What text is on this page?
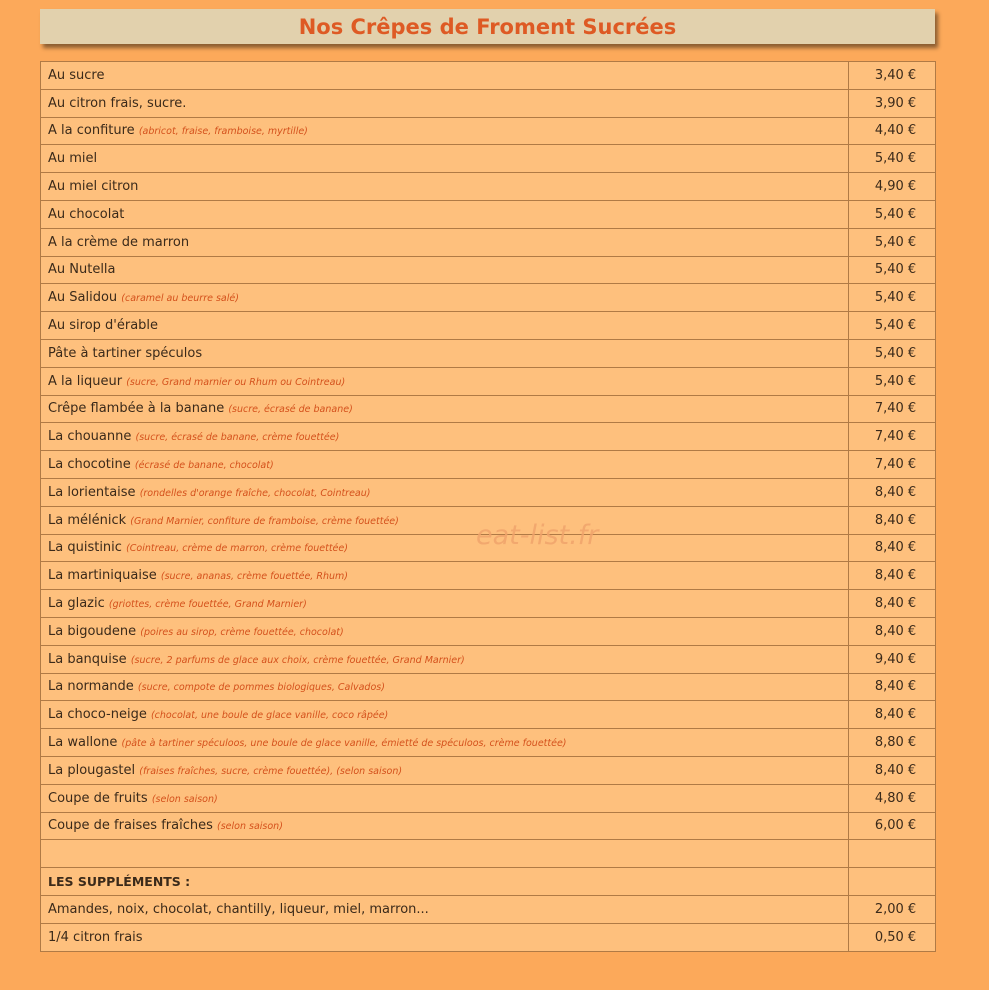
Nos Crêpes de Froment Sucrées
Au sucre	3,40 €
Au citron frais, sucre.	3,90 €
A la confiture (abricot, fraise, framboise, myrtille)	4,40 €
Au miel	5,40 €
Au miel citron	4,90 €
Au chocolat	5,40 €
A la crème de marron	5,40 €
Au Nutella	5,40 €
Au Salidou (caramel au beurre salé)	5,40 €
Au sirop d'érable	5,40 €
Pâte à tartiner spéculos	5,40 €
A la liqueur (sucre, Grand marnier ou Rhum ou Cointreau)	5,40 €
Crêpe flambée à la banane (sucre, écrasé de banane)	7,40 €
La chouanne (sucre, écrasé de banane, crème fouettée)	7,40 €
La chocotine (écrasé de banane, chocolat)	7,40 €
La lorientaise (rondelles d'orange fraîche, chocolat, Cointreau)	8,40 €
La mélénick (Grand Marnier, confiture de framboise, crème fouettée)	8,40 €
La quistinic (Cointreau, crème de marron, crème fouettée)	8,40 €
La martiniquaise (sucre, ananas, crème fouettée, Rhum)	8,40 €
La glazic (griottes, crème fouettée, Grand Marnier)	8,40 €
La bigoudene (poires au sirop, crème fouettée, chocolat)	8,40 €
La banquise (sucre, 2 parfums de glace aux choix, crème fouettée, Grand Marnier)	9,40 €
La normande (sucre, compote de pommes biologiques, Calvados)	8,40 €
La choco-neige (chocolat, une boule de glace vanille, coco râpée)	8,40 €
La wallone (pâte à tartiner spéculoos, une boule de glace vanille, émietté de spéculoos, crème fouettée)	8,80 €
La plougastel (fraises fraîches, sucre, crème fouettée), (selon saison)	8,40 €
Coupe de fruits (selon saison)	4,80 €
Coupe de fraises fraîches (selon saison)	6,00 €

LES SUPPLÉMENTS :	
Amandes, noix, chocolat, chantilly, liqueur, miel, marron...	2,00 €
1/4 citron frais	0,50 €
eat-list.fr
